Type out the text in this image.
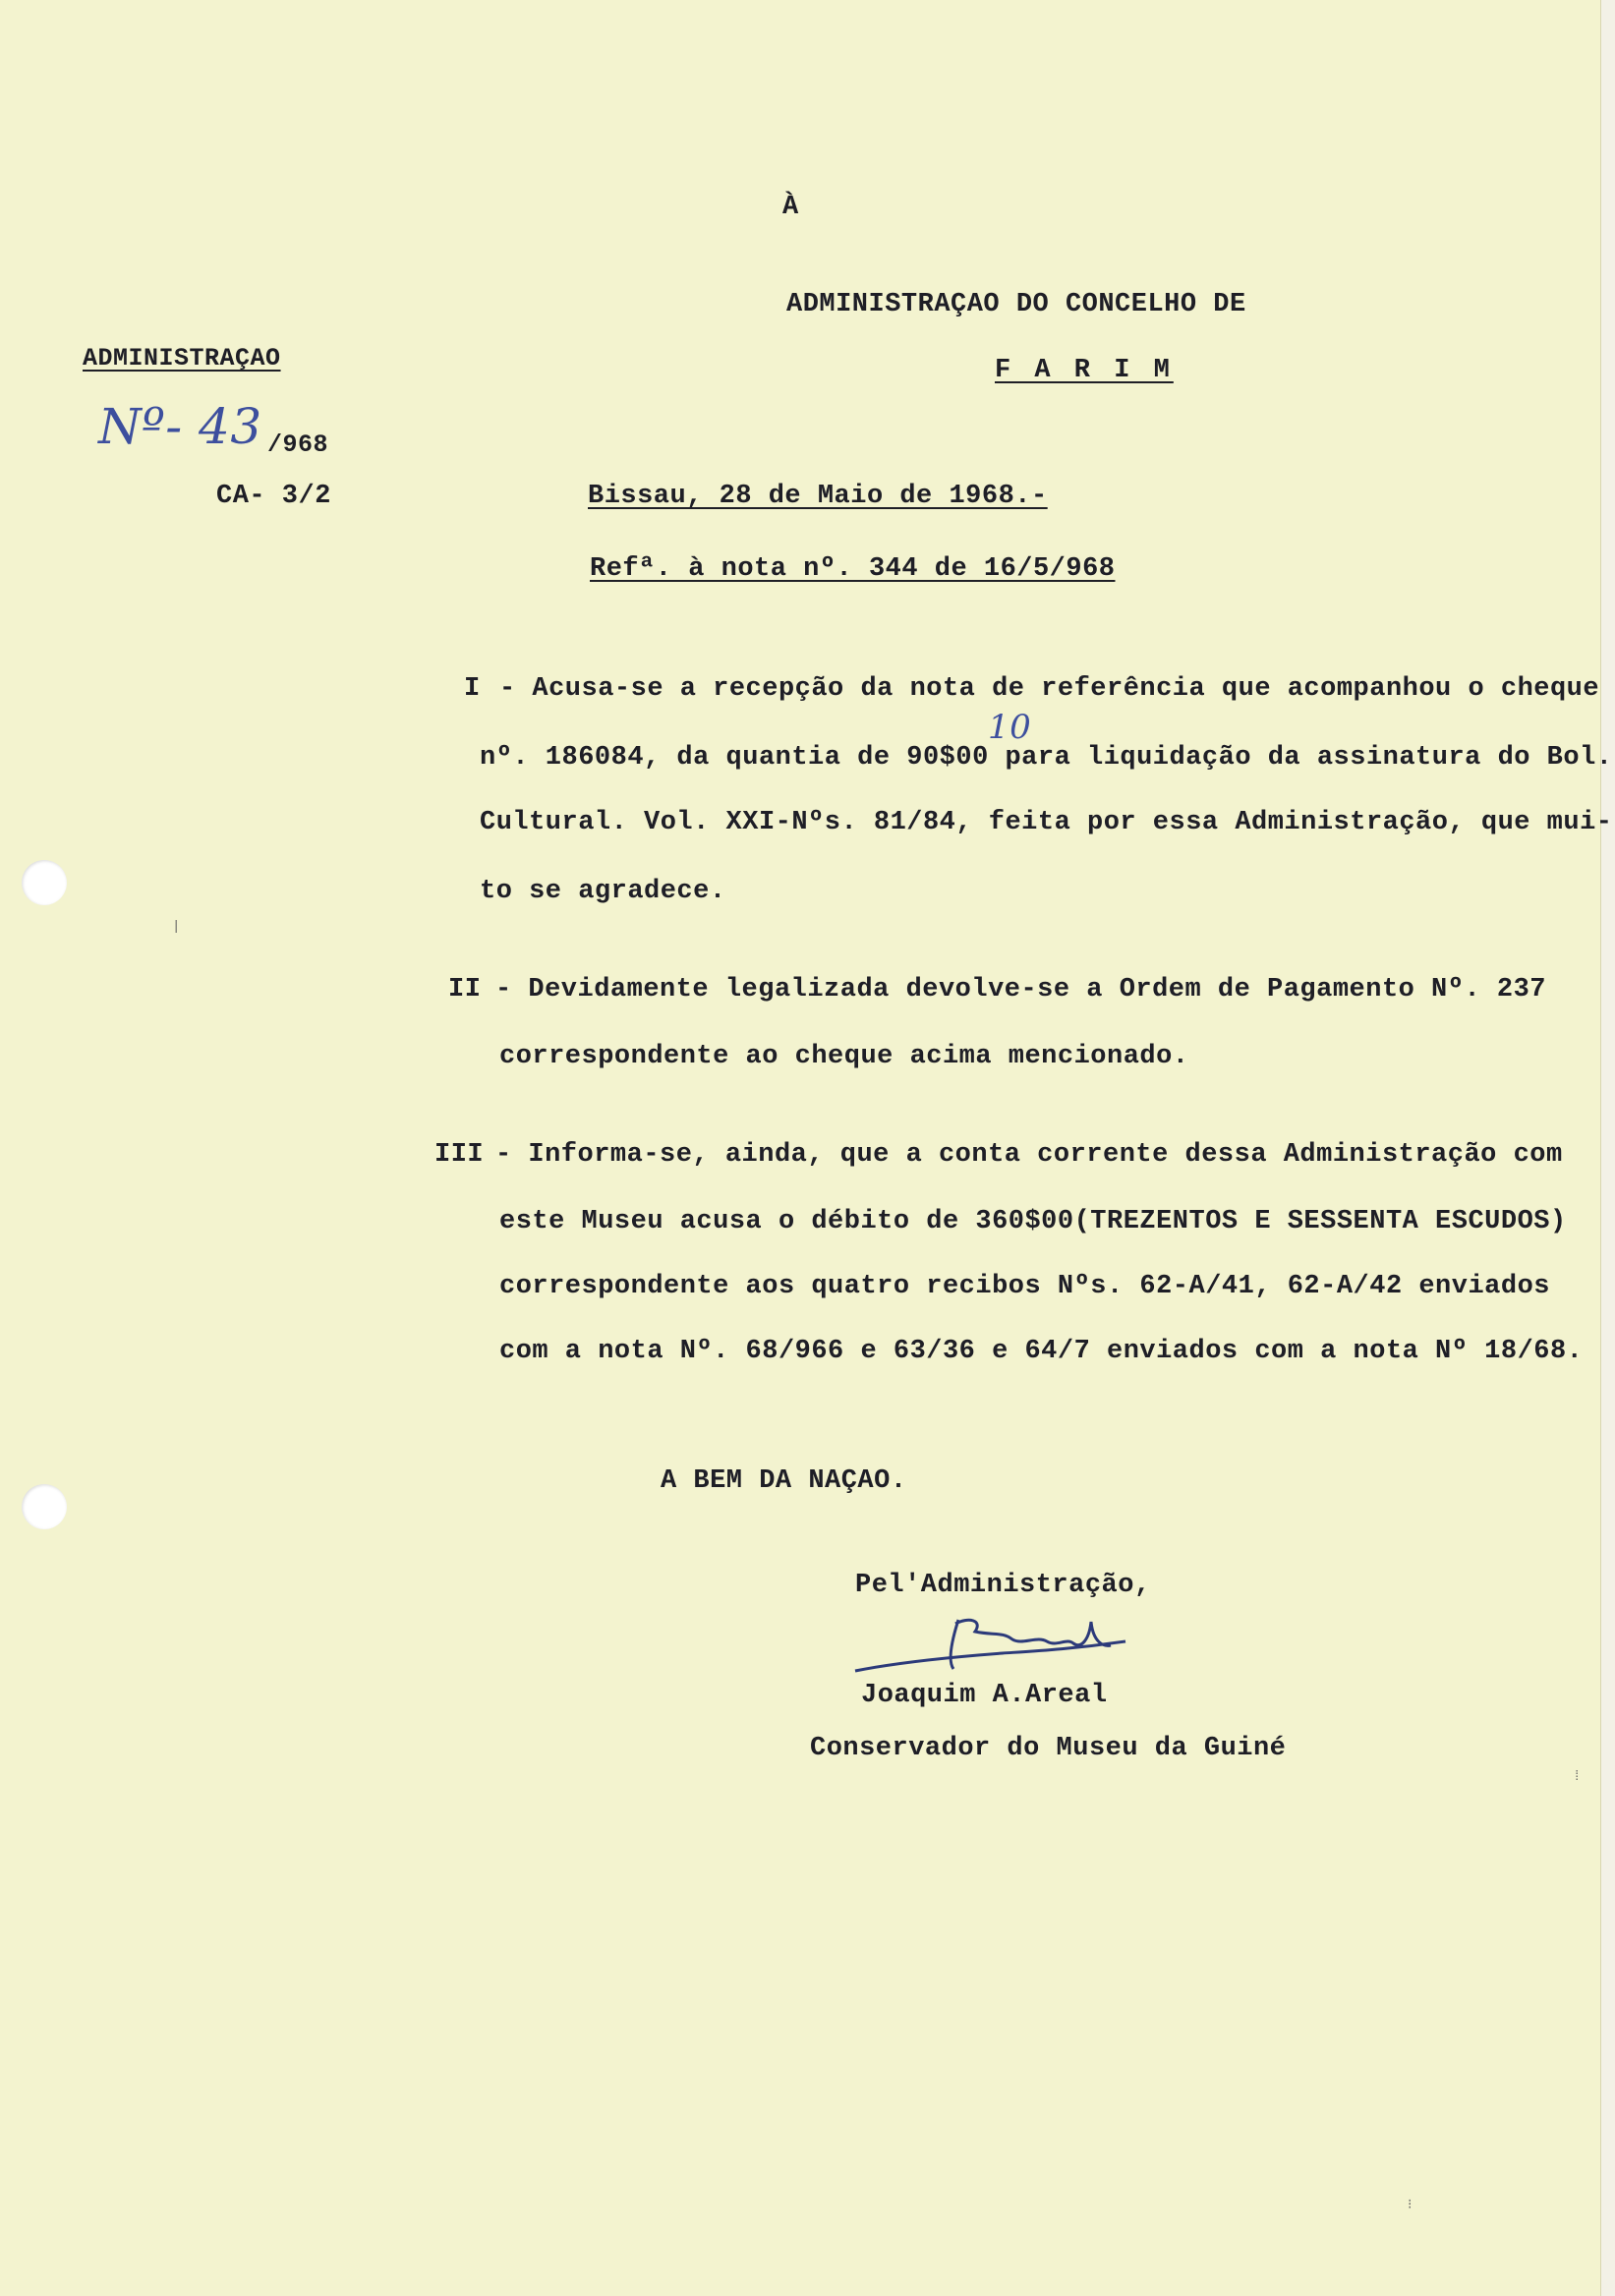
À
ADMINISTRAÇAO DO CONCELHO DE
F A R I M
ADMINISTRAÇAO
Nº- 43 /968
CA- 3/2	Bissau, 28 de Maio de 1968.-
Refª. à nota nº. 344 de 16/5/968
I - Acusa-se a recepção da nota de referência que acompanhou o cheque
nº. 186084, da quantia de 90$00 para liquidação da assinatura do Bol.
Cultural. Vol. XXI-Nºs. 81/84, feita por essa Administração, que mui-
to se agradece.
10
II - Devidamente legalizada devolve-se a Ordem de Pagamento Nº. 237
correspondente ao cheque acima mencionado.
III - Informa-se, ainda, que a conta corrente dessa Administração com
este Museu acusa o débito de 360$00(TREZENTOS E SESSENTA ESCUDOS)
correspondente aos quatro recibos Nºs. 62-A/41, 62-A/42 enviados
com a nota Nº. 68/966 e 63/36 e 64/7 enviados com a nota Nº 18/68.
A BEM DA NAÇAO.
Pel'Administração,
Joaquim A.Areal
Conservador do Museu da Guiné
|
⁞
⁝
